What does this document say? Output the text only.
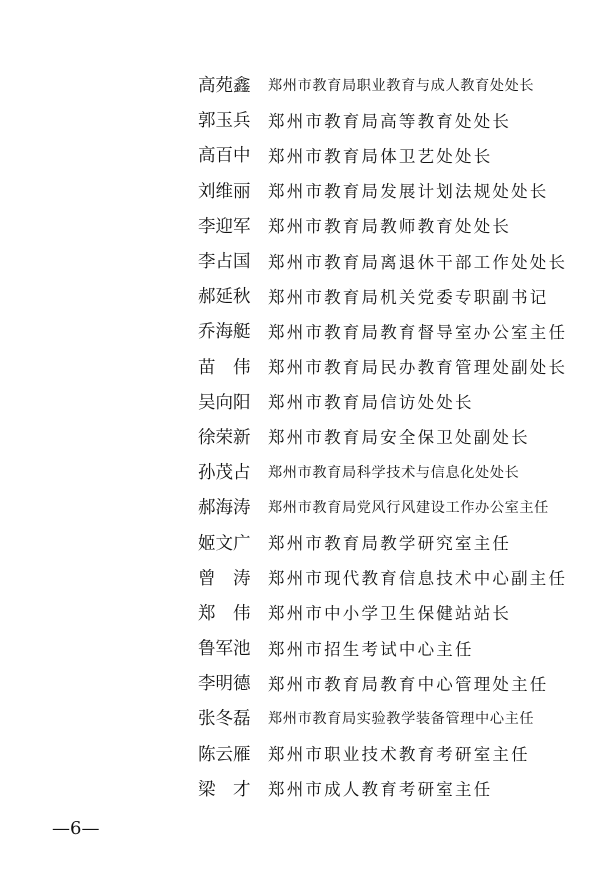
高苑鑫	郑州市教育局职业教育与成人教育处处长
郭玉兵	郑州市教育局高等教育处处长
高百中	郑州市教育局体卫艺处处长
刘维丽	郑州市教育局发展计划法规处处长
李迎军	郑州市教育局教师教育处处长
李占国	郑州市教育局离退休干部工作处处长
郝延秋	郑州市教育局机关党委专职副书记
乔海艇	郑州市教育局教育督导室办公室主任
苗　伟	郑州市教育局民办教育管理处副处长
吴向阳	郑州市教育局信访处处长
徐荣新	郑州市教育局安全保卫处副处长
孙茂占	郑州市教育局科学技术与信息化处处长
郝海涛	郑州市教育局党风行风建设工作办公室主任
姬文广	郑州市教育局教学研究室主任
曾　涛	郑州市现代教育信息技术中心副主任
郑　伟	郑州市中小学卫生保健站站长
鲁军池	郑州市招生考试中心主任
李明德	郑州市教育局教育中心管理处主任
张冬磊	郑州市教育局实验教学装备管理中心主任
陈云雁	郑州市职业技术教育考研室主任
梁　才	郑州市成人教育考研室主任
—6—
